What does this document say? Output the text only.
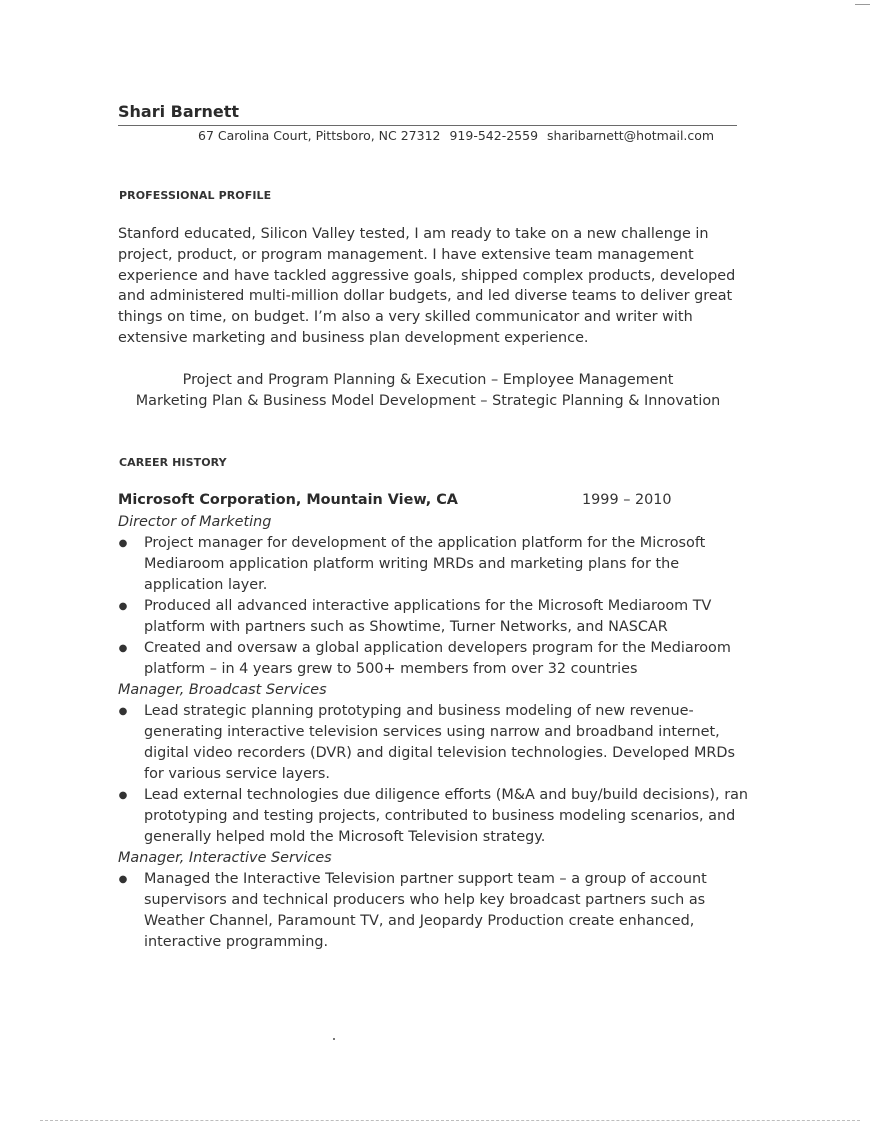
Shari Barnett
67 Carolina Court, Pittsboro, NC 27312 919-542-2559 sharibarnett@hotmail.com
PROFESSIONAL PROFILE
Stanford educated, Silicon Valley tested, I am ready to take on a new challenge in
project, product, or program management. I have extensive team management
experience and have tackled aggressive goals, shipped complex products, developed
and administered multi-million dollar budgets, and led diverse teams to deliver great
things on time, on budget. I’m also a very skilled communicator and writer with
extensive marketing and business plan development experience.
Project and Program Planning & Execution – Employee Management
Marketing Plan & Business Model Development – Strategic Planning & Innovation
CAREER HISTORY
Microsoft Corporation, Mountain View, CA	1999 – 2010
Director of Marketing
● Project manager for development of the application platform for the Microsoft
Mediaroom application platform writing MRDs and marketing plans for the
application layer.
● Produced all advanced interactive applications for the Microsoft Mediaroom TV
platform with partners such as Showtime, Turner Networks, and NASCAR
● Created and oversaw a global application developers program for the Mediaroom
platform – in 4 years grew to 500+ members from over 32 countries
Manager, Broadcast Services
● Lead strategic planning prototyping and business modeling of new revenue-
generating interactive television services using narrow and broadband internet,
digital video recorders (DVR) and digital television technologies. Developed MRDs
for various service layers.
● Lead external technologies due diligence efforts (M&A and buy/build decisions), ran
prototyping and testing projects, contributed to business modeling scenarios, and
generally helped mold the Microsoft Television strategy.
Manager, Interactive Services
● Managed the Interactive Television partner support team – a group of account
supervisors and technical producers who help key broadcast partners such as
Weather Channel, Paramount TV, and Jeopardy Production create enhanced,
interactive programming.
